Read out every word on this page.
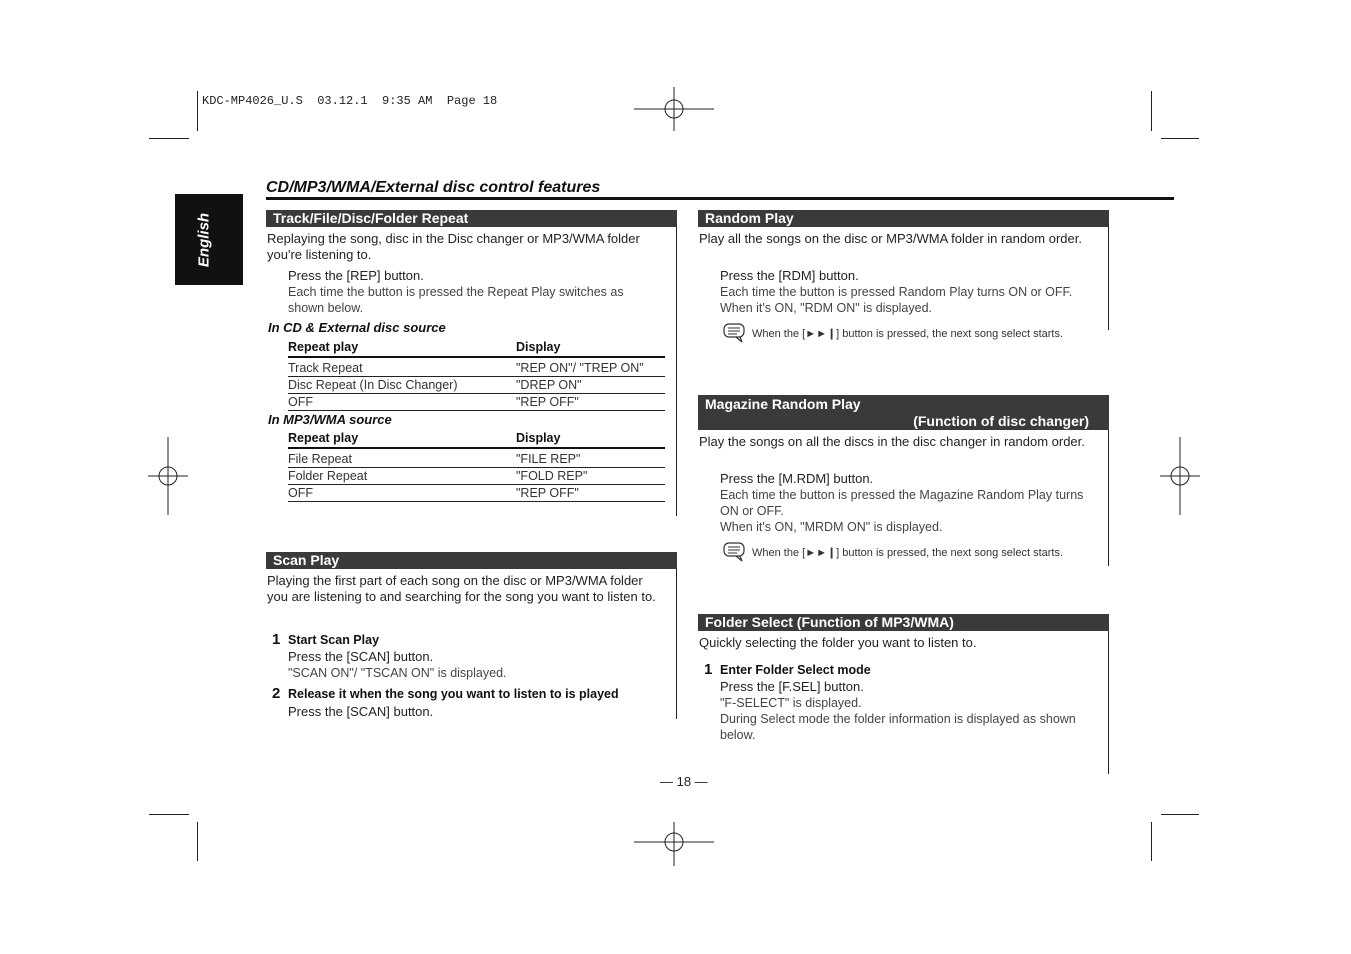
KDC-MP4026_U.S  03.12.1  9:35 AM  Page 18
English
CD/MP3/WMA/External disc control features
Track/File/Disc/Folder Repeat
Replaying the song, disc in the Disc changer or MP3/WMA folder you're listening to.
Press the [REP] button.
Each time the button is pressed the Repeat Play switches as shown below.
In CD & External disc source
Repeat play	Display
Track Repeat	"REP ON"/ "TREP ON"
Disc Repeat (In Disc Changer)	"DREP ON"
OFF	"REP OFF"
In MP3/WMA source
Repeat play	Display
File Repeat	"FILE REP"
Folder Repeat	"FOLD REP"
OFF	"REP OFF"
Scan Play
Playing the first part of each song on the disc or MP3/WMA folder you are listening to and searching for the song you want to listen to.
1 Start Scan Play
Press the [SCAN] button.
"SCAN ON"/ "TSCAN ON" is displayed.
2 Release it when the song you want to listen to is played
Press the [SCAN] button.
Random Play
Play all the songs on the disc or MP3/WMA folder in random order.
Press the [RDM] button.
Each time the button is pressed Random Play turns ON or OFF. When it's ON, "RDM ON" is displayed.
When the [►►❙] button is pressed, the next song select starts.
Magazine Random Play
(Function of disc changer)
Play the songs on all the discs in the disc changer in random order.
Press the [M.RDM] button.
Each time the button is pressed the Magazine Random Play turns ON or OFF.
When it's ON, "MRDM ON" is displayed.
When the [►►❙] button is pressed, the next song select starts.
Folder Select (Function of MP3/WMA)
Quickly selecting the folder you want to listen to.
1 Enter Folder Select mode
Press the [F.SEL] button.
"F-SELECT" is displayed.
During Select mode the folder information is displayed as shown below.
— 18 —
